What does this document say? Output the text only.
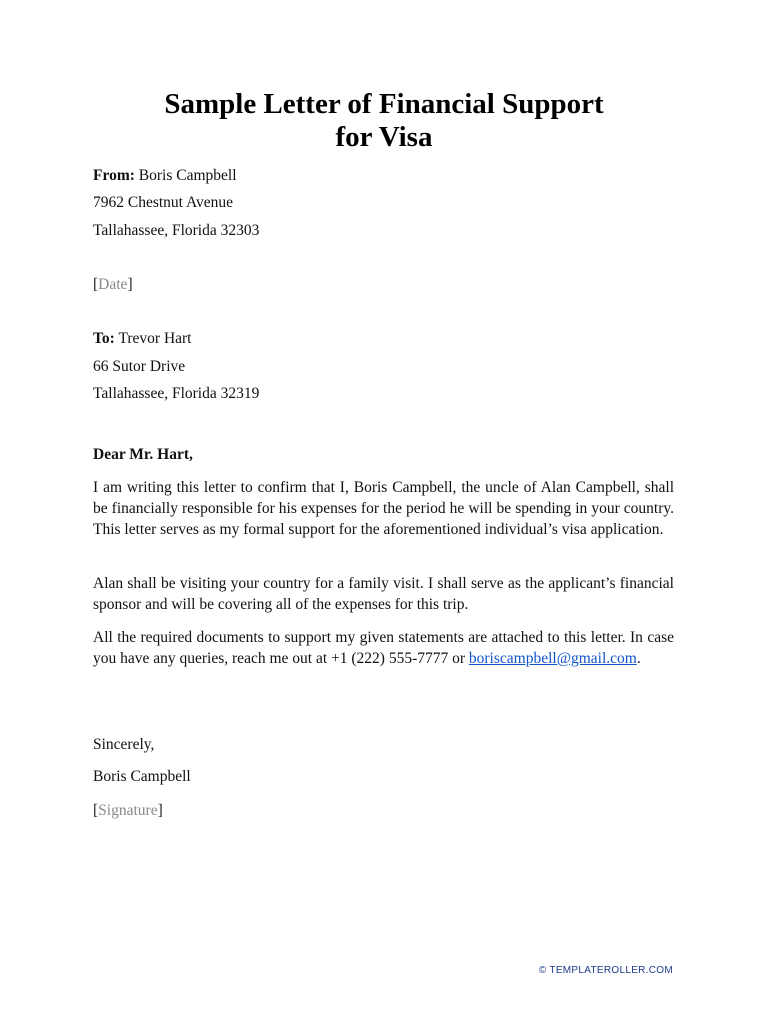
Sample Letter of Financial Support
for Visa
From: Boris Campbell
7962 Chestnut Avenue
Tallahassee, Florida 32303
[Date]
To: Trevor Hart
66 Sutor Drive
Tallahassee, Florida 32319
Dear Mr. Hart,
I am writing this letter to confirm that I, Boris Campbell, the uncle of Alan Campbell, shall be financially responsible for his expenses for the period he will be spending in your country. This letter serves as my formal support for the aforementioned individual’s visa application.
Alan shall be visiting your country for a family visit. I shall serve as the applicant’s financial sponsor and will be covering all of the expenses for this trip.
All the required documents to support my given statements are attached to this letter. In case you have any queries, reach me out at +1 (222) 555-7777 or boriscampbell@gmail.com.
Sincerely,
Boris Campbell
[Signature]
© TEMPLATEROLLER.COM
